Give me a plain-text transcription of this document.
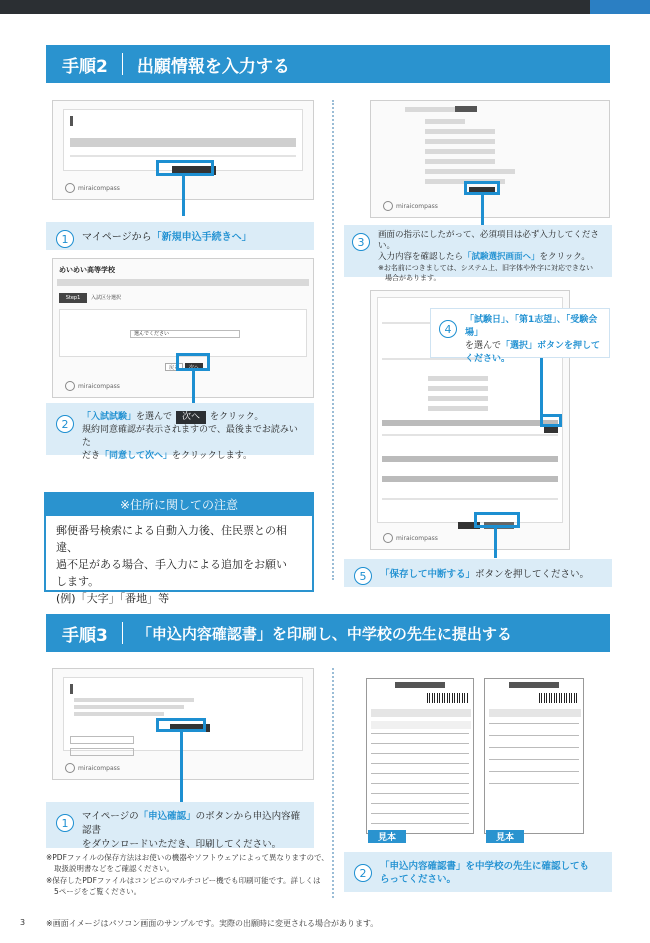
手順2 出願情報を入力する
miraicompass
1	マイページから「新規申込手続きへ」
めいめい高等学校
Step1	入試区分選択
選んでください
戻る	次へ
miraicompass
2
「入試試験」を選んで 次へ をクリック。
規約同意確認が表示されますので、最後までお読みいた
だき「同意して次へ」をクリックします。
※住所に関しての注意
郵便番号検索による自動入力後、住民票との相違、
過不足がある場合、手入力による追加をお願い
します。
(例)「大字」「番地」等
miraicompass
3
画面の指示にしたがって、必須項目は必ず入力してください。
入力内容を確認したら「試験選択画面へ」をクリック。
※お名前につきましては、システム上、旧字体や外字に対応できない
場合があります。
miraicompass
4
「試験日」、「第1志望」、「受験会場」
を選んで「選択」ボタンを押して
ください。
5	「保存して中断する」ボタンを押してください。
手順3 「申込内容確認書」を印刷し、中学校の先生に提出する
miraicompass
1	マイページの「申込確認」のボタンから申込内容確認書
をダウンロードいただき、印刷してください。
※PDFファイルの保存方法はお使いの機器やソフトウェアによって異なりますので、
取扱説明書などをご確認ください。
※保存したPDFファイルはコンビニのマルチコピー機でも印刷可能です。詳しくは
5ページをご覧ください。
見本	見本
2	「申込内容確認書」を中学校の先生に確認しても
らってください。
3	※画面イメージはパソコン画面のサンプルです。実際の出願時に変更される場合があります。
